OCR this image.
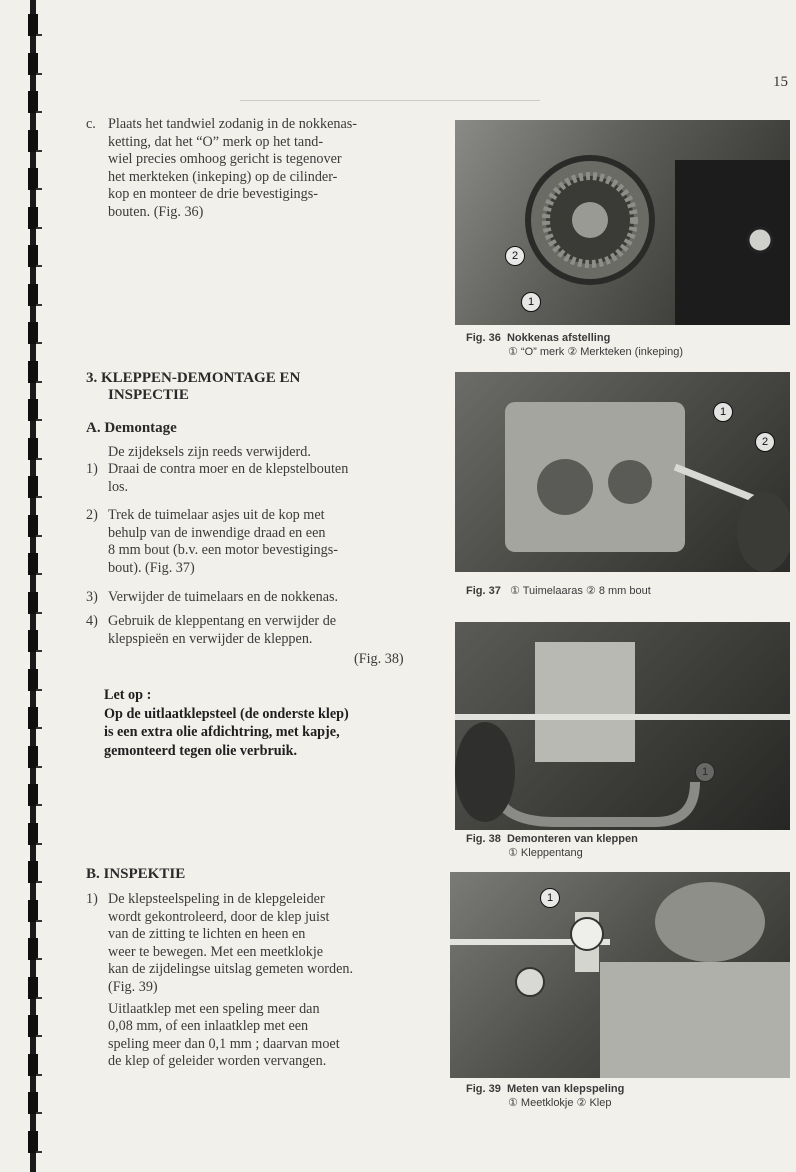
15
c. Plaats het tandwiel zodanig in de nokkenas-

ketting, dat het “O” merk op het tand-

wiel precies omhoog gericht is tegenover

het merkteken (inkeping) op de cilinder-

kop en monteer de drie bevestigings-

bouten. (Fig. 36)

3. KLEPPEN-DEMONTAGE EN

INSPECTIE

A. Demontage
De zijdeksels zijn reeds verwijderd.
1) Draai de contra moer en de klepstelbouten

los.

2) Trek de tuimelaar asjes uit de kop met

behulp van de inwendige draad en een

8 mm bout (b.v. een motor bevestigings-

bout). (Fig. 37)

3) Verwijder de tuimelaars en de nokkenas.

4) Gebruik de kleppentang en verwijder de

klepspieën en verwijder de kleppen.

(Fig. 38)

Let op :

Op de uitlaatklepsteel (de onderste klep)

is een extra olie afdichtring, met kapje,

gemonteerd tegen olie verbruik.

B. INSPEKTIE
1) De klepsteelspeling in de klepgeleider

wordt gekontroleerd, door de klep juist

van de zitting te lichten en heen en

weer te bewegen. Met een meetklokje

kan de zijdelingse uitslag gemeten worden.

(Fig. 39)

Uitlaatklep met een speling meer dan

0,08 mm, of een inlaatklep met een

speling meer dan 0,1 mm ; daarvan moet

de klep of geleider worden vervangen.

2
1
Fig. 36 Nokkenas afstelling
① “O” merk ② Merkteken (inkeping)
1
2
Fig. 37 ① Tuimelaaras ② 8 mm bout
1
Fig. 38 Demonteren van kleppen
① Kleppentang
1
Fig. 39 Meten van klepspeling
① Meetklokje ② Klep
